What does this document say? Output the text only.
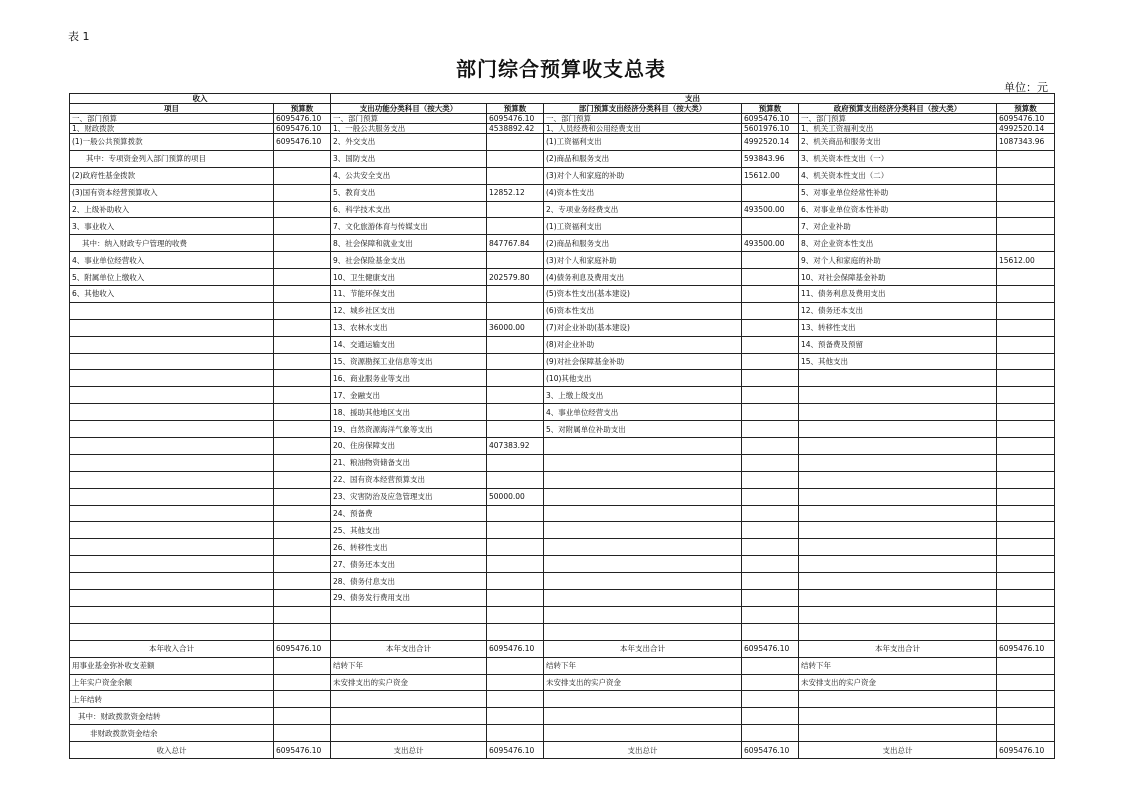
表 1
部门综合预算收支总表
单位：元
收入		支出					
项目	预算数	支出功能分类科目（按大类）	预算数	部门预算支出经济分类科目（按大类）	预算数	政府预算支出经济分类科目（按大类）	预算数
一、部门预算	6095476.10	一、部门预算	6095476.10	一、部门预算	6095476.10	一、部门预算	6095476.10
1、财政拨款	6095476.10	1、一般公共服务支出	4538892.42	1、人员经费和公用经费支出	5601976.10	1、机关工资福利支出	4992520.14
(1)一般公共预算拨款	6095476.10	2、外交支出		(1)工资福利支出	4992520.14	2、机关商品和服务支出	1087343.96
其中：专项资金列入部门预算的项目		3、国防支出		(2)商品和服务支出	593843.96	3、机关资本性支出（一）	
(2)政府性基金拨款		4、公共安全支出		(3)对个人和家庭的补助	15612.00	4、机关资本性支出（二）	
(3)国有资本经营预算收入		5、教育支出	12852.12	(4)资本性支出		5、对事业单位经常性补助	
2、上级补助收入		6、科学技术支出		2、专项业务经费支出	493500.00	6、对事业单位资本性补助	
3、事业收入		7、文化旅游体育与传媒支出		(1)工资福利支出		7、对企业补助	
其中：纳入财政专户管理的收费		8、社会保障和就业支出	847767.84	(2)商品和服务支出	493500.00	8、对企业资本性支出	
4、事业单位经营收入		9、社会保险基金支出		(3)对个人和家庭补助		9、对个人和家庭的补助	15612.00
5、附属单位上缴收入		10、卫生健康支出	202579.80	(4)债务利息及费用支出		10、对社会保障基金补助	
6、其他收入		11、节能环保支出		(5)资本性支出(基本建设)		11、债务利息及费用支出	
		12、城乡社区支出		(6)资本性支出		12、债务还本支出	
		13、农林水支出	36000.00	(7)对企业补助(基本建设)		13、转移性支出	
		14、交通运输支出		(8)对企业补助		14、预备费及预留	
		15、资源勘探工业信息等支出		(9)对社会保障基金补助		15、其他支出	
		16、商业服务业等支出		(10)其他支出			
		17、金融支出		3、上缴上级支出			
		18、援助其他地区支出		4、事业单位经营支出			
		19、自然资源海洋气象等支出		5、对附属单位补助支出			
		20、住房保障支出	407383.92				
		21、粮油物资储备支出					
		22、国有资本经营预算支出					
		23、灾害防治及应急管理支出	50000.00				
		24、预备费					
		25、其他支出					
		26、转移性支出					
		27、债务还本支出					
		28、债务付息支出					
		29、债务发行费用支出					

本年收入合计	6095476.10	本年支出合计	6095476.10	本年支出合计	6095476.10	本年支出合计	6095476.10
用事业基金弥补收支差额		结转下年		结转下年		结转下年	
上年实户资金余额		未安排支出的实户资金		未安排支出的实户资金		未安排支出的实户资金	
上年结转							
其中：财政拨款资金结转							
非财政拨款资金结余							
收入总计	6095476.10	支出总计	6095476.10	支出总计	6095476.10	支出总计	6095476.10
